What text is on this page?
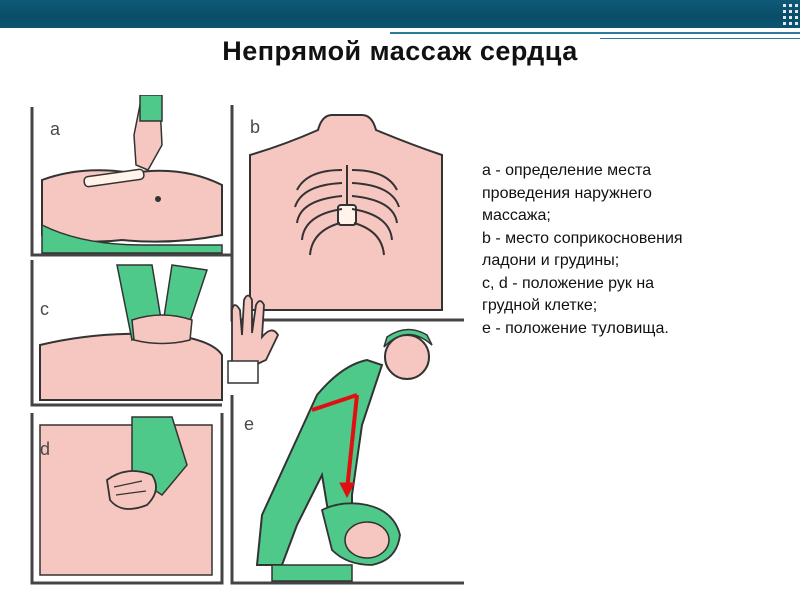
Непрямой массаж сердца
a	b
c
d
e
а - определение места
проведения наружнего
массажа;
b - место соприкосновения
ладони и грудины;
c, d - положение рук на
грудной клетке;
е - положение туловища.
